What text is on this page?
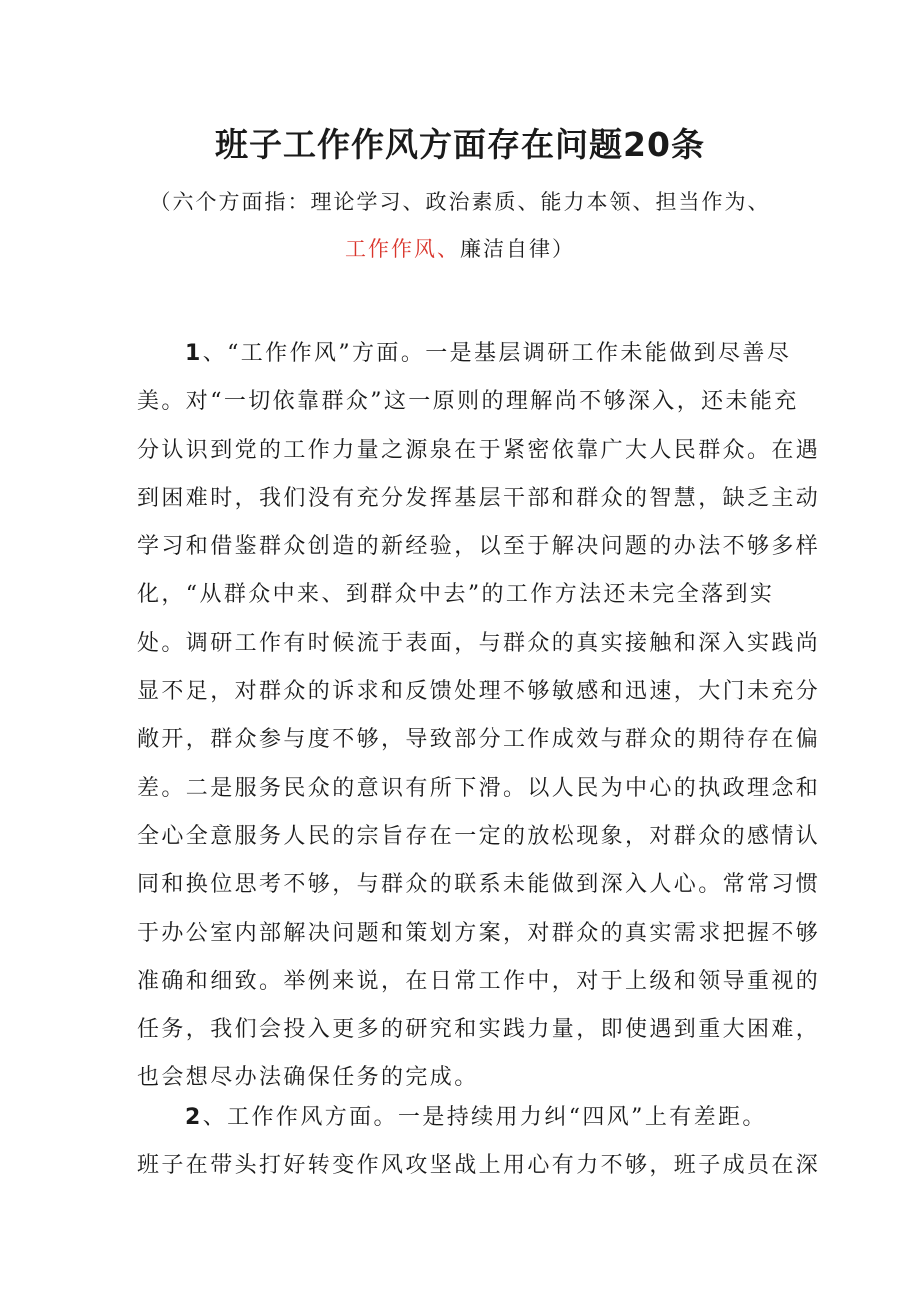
班子工作作风方面存在问题20条
（六个方面指：理论学习、政治素质、能力本领、担当作为、
工作作风、廉洁自律）
1、“工作作风”方面。一是基层调研工作未能做到尽善尽
美。对“一切依靠群众”这一原则的理解尚不够深入，还未能充
分认识到党的工作力量之源泉在于紧密依靠广大人民群众。在遇
到困难时，我们没有充分发挥基层干部和群众的智慧，缺乏主动
学习和借鉴群众创造的新经验，以至于解决问题的办法不够多样
化，“从群众中来、到群众中去”的工作方法还未完全落到实
处。调研工作有时候流于表面，与群众的真实接触和深入实践尚
显不足，对群众的诉求和反馈处理不够敏感和迅速，大门未充分
敞开，群众参与度不够，导致部分工作成效与群众的期待存在偏
差。二是服务民众的意识有所下滑。以人民为中心的执政理念和
全心全意服务人民的宗旨存在一定的放松现象，对群众的感情认
同和换位思考不够，与群众的联系未能做到深入人心。常常习惯
于办公室内部解决问题和策划方案，对群众的真实需求把握不够
准确和细致。举例来说，在日常工作中，对于上级和领导重视的
任务，我们会投入更多的研究和实践力量，即使遇到重大困难，
也会想尽办法确保任务的完成。
2、工作作风方面。一是持续用力纠“四风”上有差距。
班子在带头打好转变作风攻坚战上用心有力不够，班子成员在深
